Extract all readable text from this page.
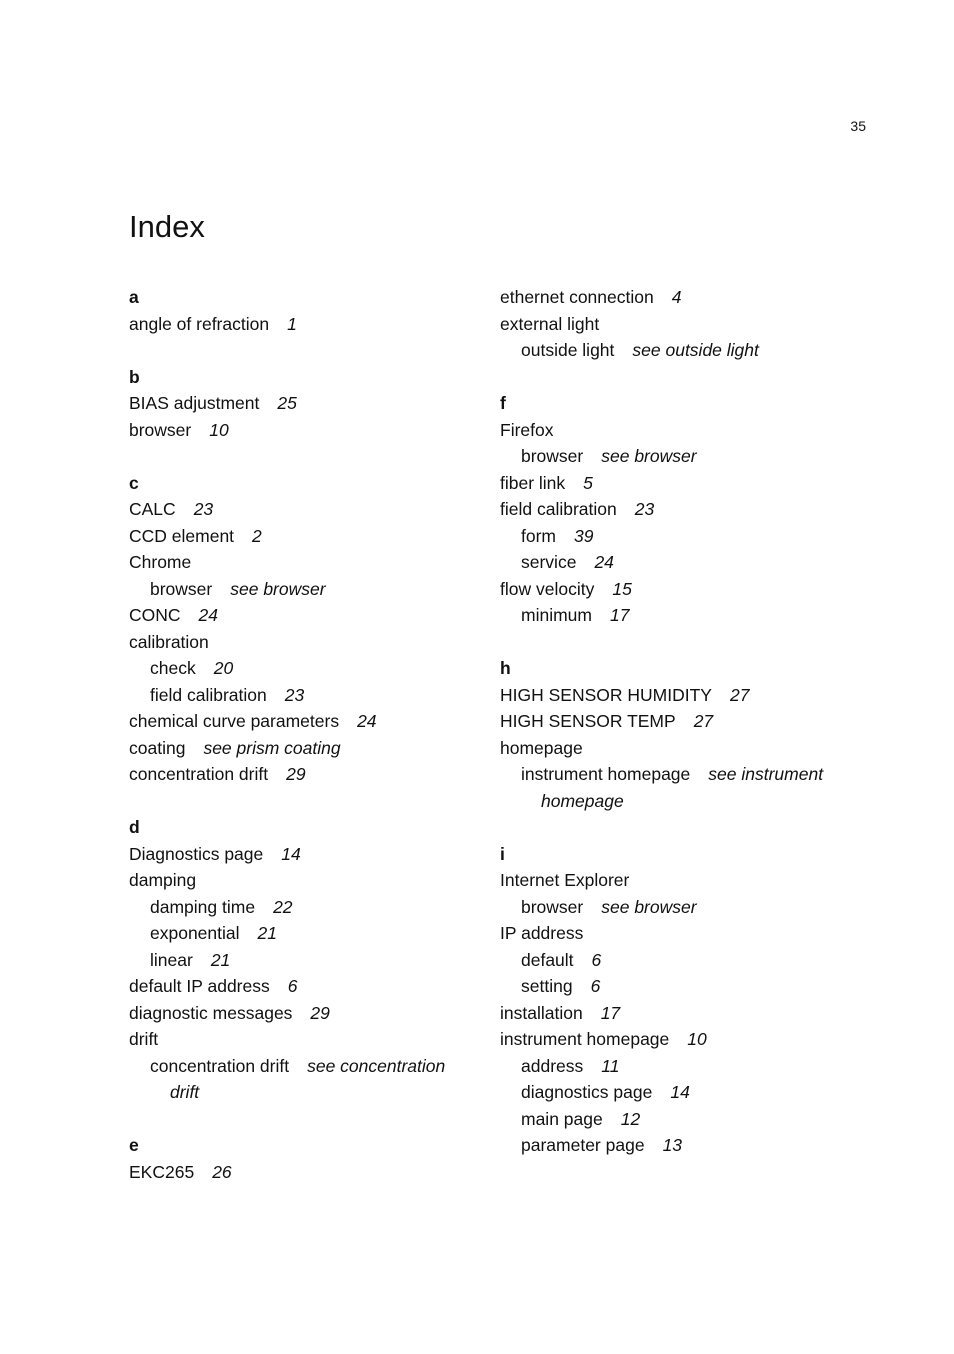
35
Index
a
angle of refraction 1
b
BIAS adjustment 25
browser 10
c
CALC 23
CCD element 2
Chrome
browser see browser
CONC 24
calibration
check 20
field calibration 23
chemical curve parameters 24
coating see prism coating
concentration drift 29
d
Diagnostics page 14
damping
damping time 22
exponential 21
linear 21
default IP address 6
diagnostic messages 29
drift
concentration drift see concentration drift
e
EKC265 26
ethernet connection 4
external light
outside light see outside light
f
Firefox
browser see browser
fiber link 5
field calibration 23
form 39
service 24
flow velocity 15
minimum 17
h
HIGH SENSOR HUMIDITY 27
HIGH SENSOR TEMP 27
homepage
instrument homepage see instrument homepage
i
Internet Explorer
browser see browser
IP address
default 6
setting 6
installation 17
instrument homepage 10
address 11
diagnostics page 14
main page 12
parameter page 13
